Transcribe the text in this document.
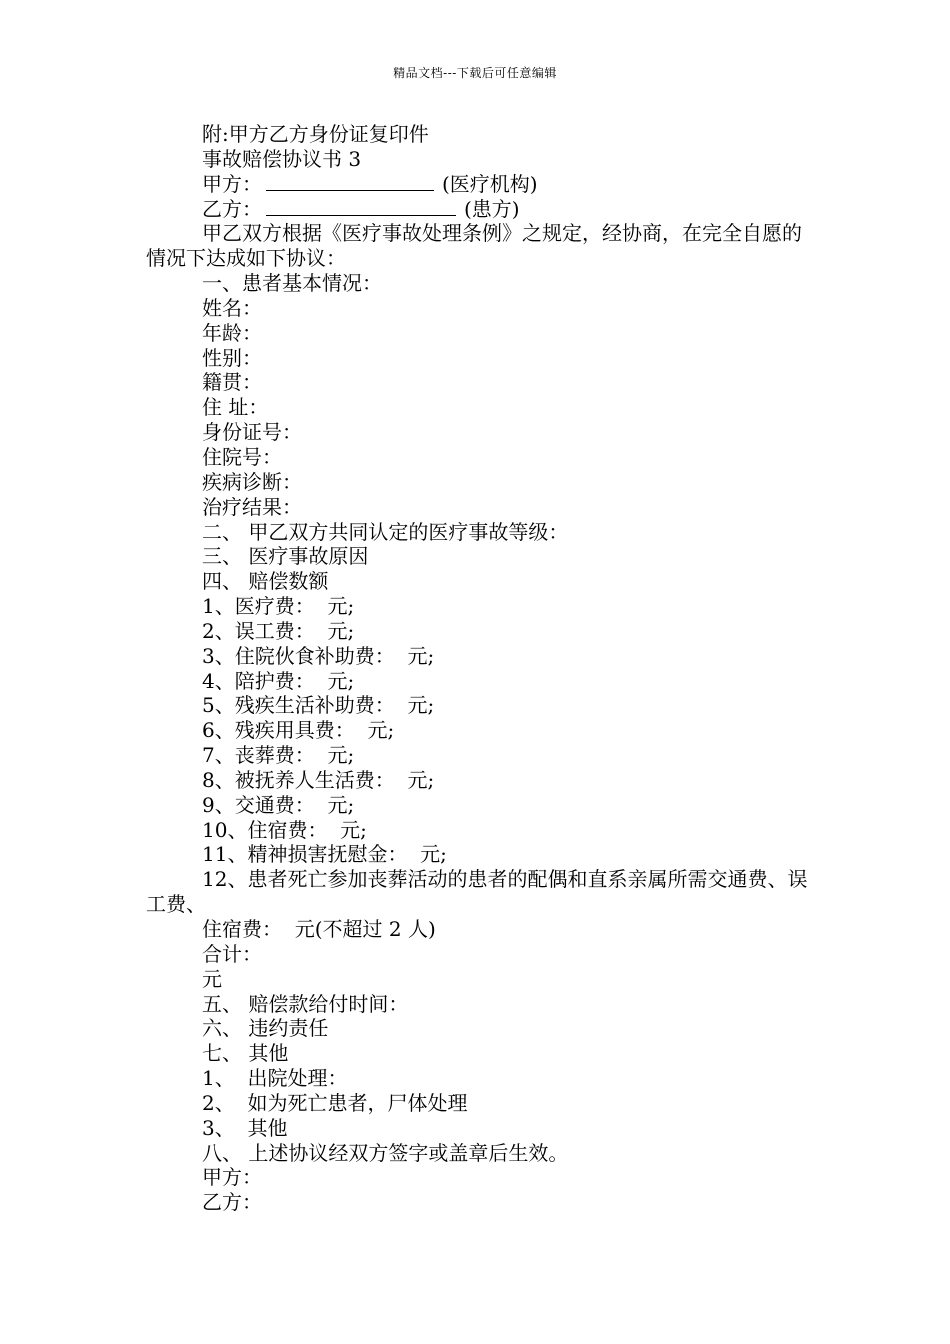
精品文档---下载后可任意编辑

附:甲方乙方身份证复印件

事故赔偿协议书 3

甲方：	(医疗机构)

乙方：	(患方)

甲乙双方根据《医疗事故处理条例》之规定，经协商，在完全自愿的情况下达成如下协议：

一、患者基本情况：

姓名：

年龄：

性别：

籍贯：

住 址：

身份证号：

住院号：

疾病诊断：

治疗结果：

二、 甲乙双方共同认定的医疗事故等级：

三、 医疗事故原因

四、 赔偿数额

1、医疗费：  元;

2、误工费：  元;

3、住院伙食补助费：  元;

4、陪护费：  元;

5、残疾生活补助费：  元;

6、残疾用具费：  元;

7、丧葬费：  元;

8、被抚养人生活费：  元;

9、交通费：  元;

10、住宿费：  元;

11、精神损害抚慰金：  元;

12、患者死亡参加丧葬活动的患者的配偶和直系亲属所需交通费、误工费、

住宿费：  元(不超过 2 人)

合计：

元

五、 赔偿款给付时间：

六、 违约责任

七、 其他

1、  出院处理：

2、  如为死亡患者，尸体处理

3、  其他

八、 上述协议经双方签字或盖章后生效。

甲方：

乙方：
